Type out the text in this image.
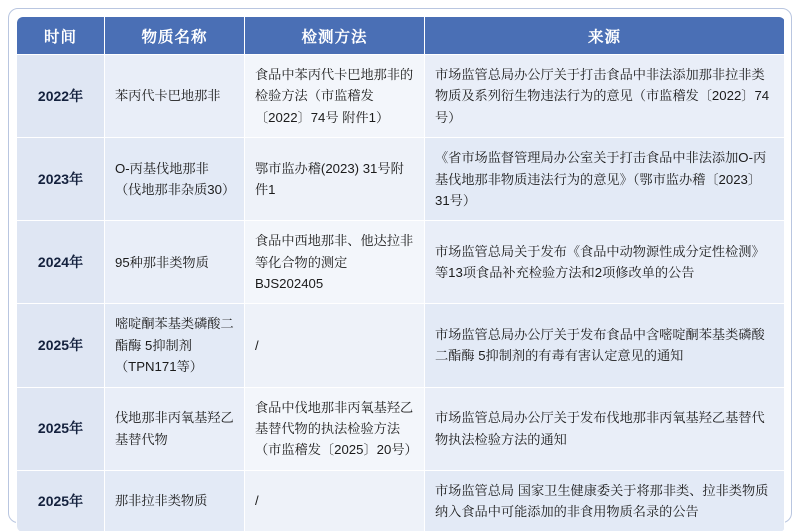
时间	物质名称	检测方法	来源
2022年	苯丙代卡巴地那非	食品中苯丙代卡巴地那非的检验方法（市监稽发〔2022〕74号 附件1）	市场监管总局办公厅关于打击食品中非法添加那非拉非类物质及系列衍生物违法行为的意见（市监稽发〔2022〕74号）
2023年	O-丙基伐地那非（伐地那非杂质30）	鄂市监办稽(2023) 31号附件1	《省市场监督管理局办公室关于打击食品中非法添加O-丙基伐地那非物质违法行为的意见》（鄂市监办稽〔2023〕31号）
2024年	95种那非类物质	食品中西地那非、他达拉非等化合物的测定 BJS202405	市场监管总局关于发布《食品中动物源性成分定性检测》等13项食品补充检验方法和2项修改单的公告
2025年	嘧啶酮苯基类磷酸二酯酶 5抑制剂（TPN171等）	/	市场监管总局办公厅关于发布食品中含嘧啶酮苯基类磷酸二酯酶 5抑制剂的有毒有害认定意见的通知
2025年	伐地那非丙氧基羟乙基替代物	食品中伐地那非丙氧基羟乙基替代物的执法检验方法（市监稽发〔2025〕20号）	市场监管总局办公厅关于发布伐地那非丙氧基羟乙基替代物执法检验方法的通知
2025年	那非拉非类物质	/	市场监管总局 国家卫生健康委关于将那非类、拉非类物质纳入食品中可能添加的非食用物质名录的公告
